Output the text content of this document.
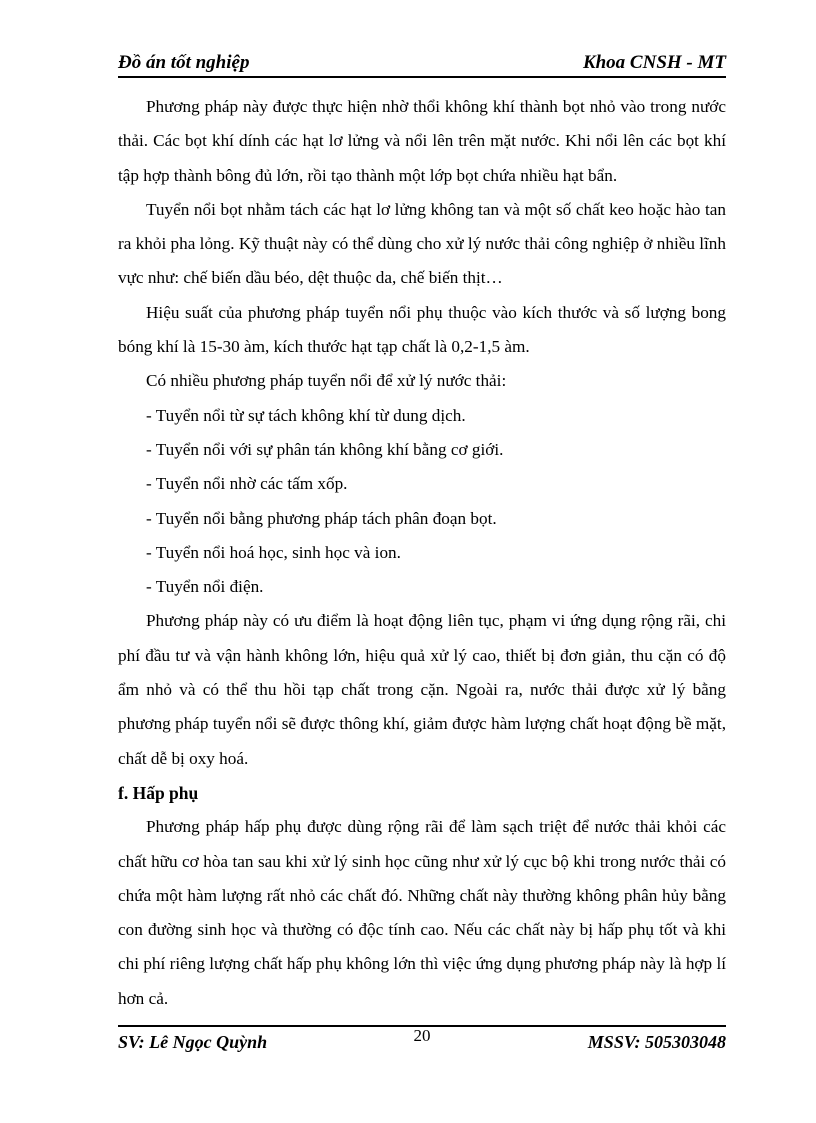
Đồ án tốt nghiệp	Khoa CNSH - MT

Phương pháp này được thực hiện nhờ thổi không khí thành bọt nhỏ vào trong nước thải. Các bọt khí dính các hạt lơ lửng và nổi lên trên mặt nước. Khi nổi lên các bọt khí tập hợp thành bông đủ lớn, rồi tạo thành một lớp bọt chứa nhiều hạt bẩn.

Tuyển nổi bọt nhằm tách các hạt lơ lửng không tan và một số chất keo hoặc hào tan ra khỏi pha lỏng. Kỹ thuật này có thể dùng cho xử lý nước thải công nghiệp ở nhiều lĩnh vực như: chế biến dầu béo, dệt thuộc da, chế biến thịt…

Hiệu suất của phương pháp tuyển nổi phụ thuộc vào kích thước và số lượng bong bóng khí là 15-30 àm, kích thước hạt tạp chất là 0,2-1,5 àm.

Có nhiều phương pháp tuyển nổi để xử lý nước thải:

- Tuyển nổi từ sự tách không khí từ dung dịch.

- Tuyển nổi với sự phân tán không khí bằng cơ giới.

- Tuyển nổi nhờ các tấm xốp.

- Tuyển nổi bằng phương pháp tách phân đoạn bọt.

- Tuyển nổi hoá học, sinh học và ion.

- Tuyển nổi điện.

Phương pháp này có ưu điểm là hoạt động liên tục, phạm vi ứng dụng rộng rãi, chi phí đầu tư và vận hành không lớn, hiệu quả xử lý cao, thiết bị đơn giản, thu cặn có độ ẩm nhỏ và có thể thu hồi tạp chất trong cặn. Ngoài ra, nước thải được xử lý bằng phương pháp tuyển nổi sẽ được thông khí, giảm được hàm lượng chất hoạt động bề mặt, chất dễ bị oxy hoá.

f. Hấp phụ

Phương pháp hấp phụ được dùng rộng rãi để làm sạch triệt để nước thải khỏi các chất hữu cơ hòa tan sau khi xử lý sinh học cũng như xử lý cục bộ khi trong nước thải có chứa một hàm lượng rất nhỏ các chất đó. Những chất này thường không phân hủy bằng con đường sinh học và thường có độc tính cao. Nếu các chất này bị hấp phụ tốt và khi chi phí riêng lượng chất hấp phụ không lớn thì việc ứng dụng phương pháp này là hợp lí hơn cả.

SV: Lê Ngọc Quỳnh	20	MSSV: 505303048
